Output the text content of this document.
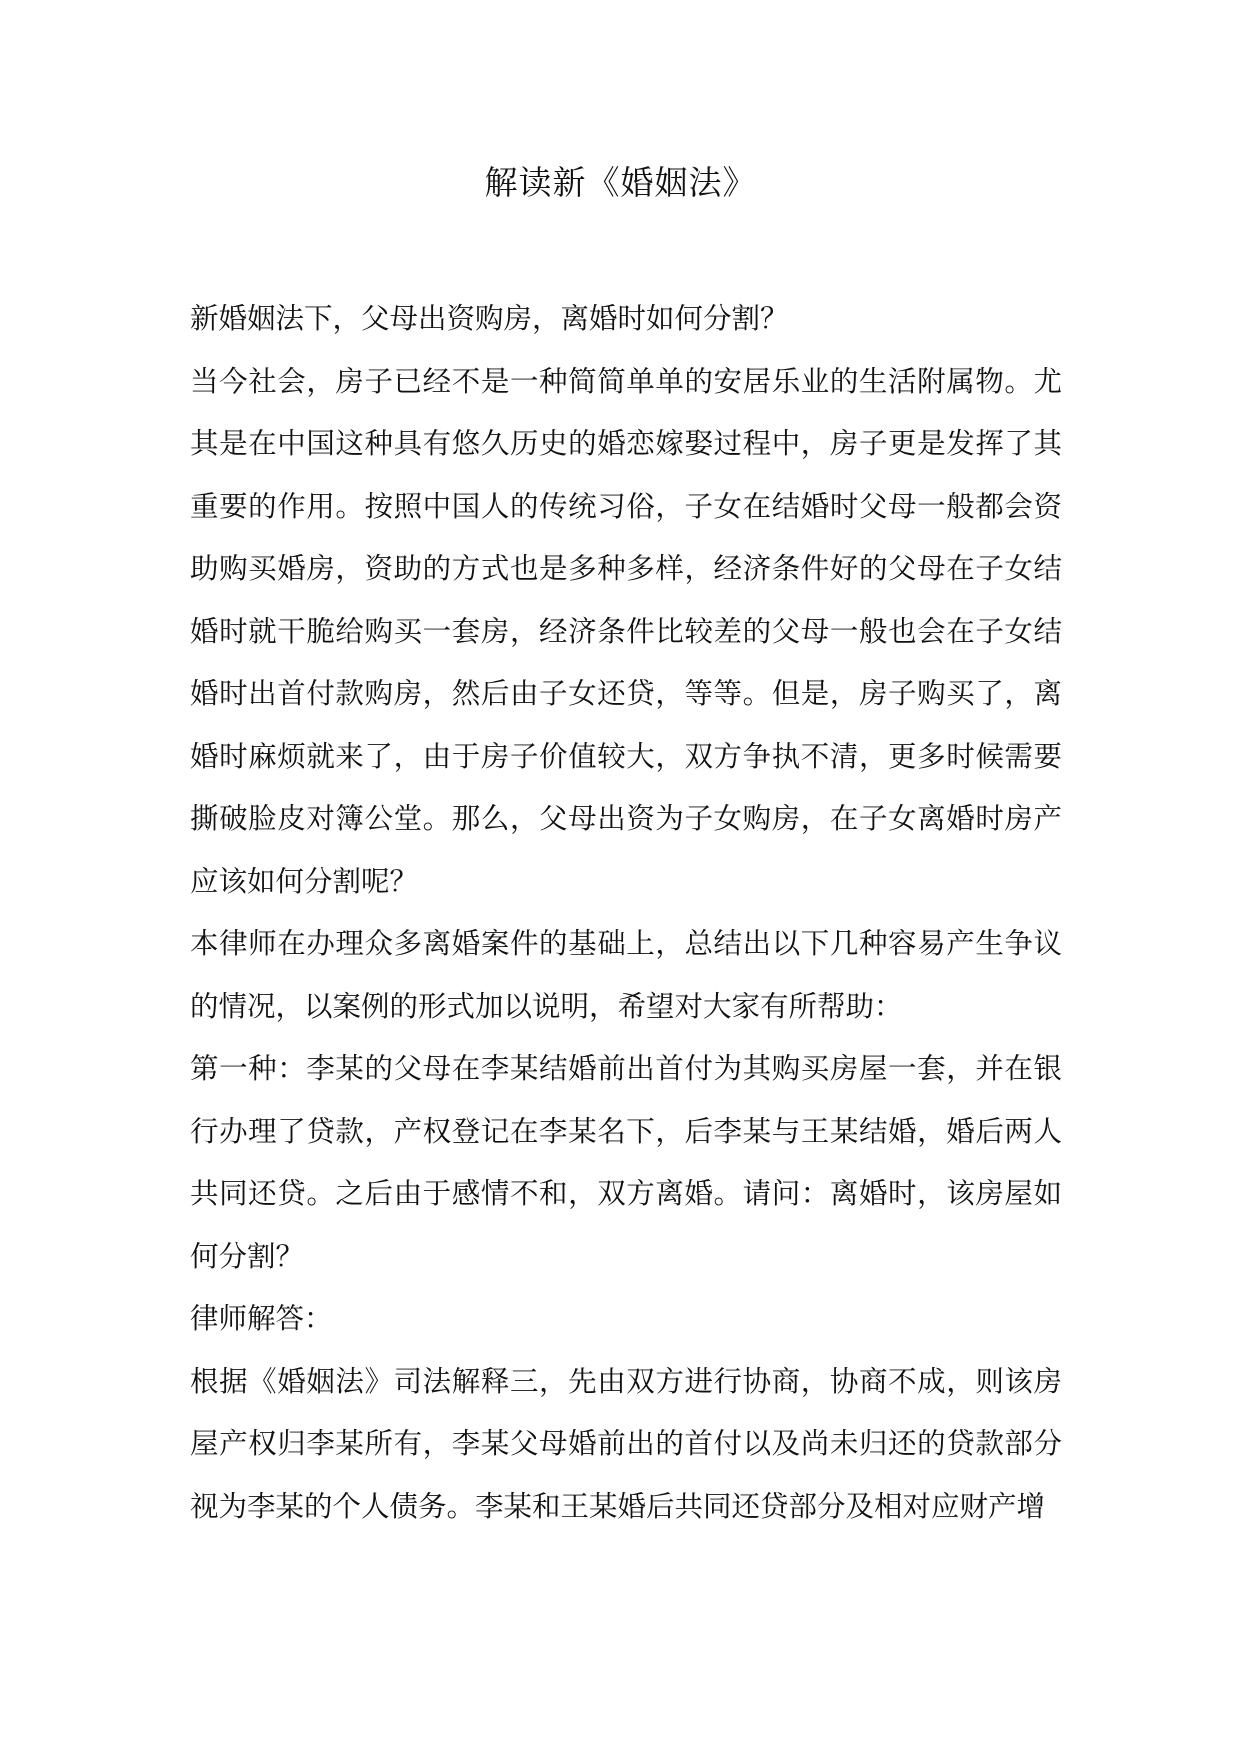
解读新《婚姻法》

新婚姻法下，父母出资购房，离婚时如何分割？

当今社会，房子已经不是一种简简单单的安居乐业的生活附属物。尤其是在中国这种具有悠久历史的婚恋嫁娶过程中，房子更是发挥了其重要的作用。按照中国人的传统习俗，子女在结婚时父母一般都会资助购买婚房，资助的方式也是多种多样，经济条件好的父母在子女结婚时就干脆给购买一套房，经济条件比较差的父母一般也会在子女结婚时出首付款购房，然后由子女还贷，等等。但是，房子购买了，离婚时麻烦就来了，由于房子价值较大，双方争执不清，更多时候需要撕破脸皮对簿公堂。那么，父母出资为子女购房，在子女离婚时房产应该如何分割呢？

本律师在办理众多离婚案件的基础上，总结出以下几种容易产生争议的情况，以案例的形式加以说明，希望对大家有所帮助：

第一种：李某的父母在李某结婚前出首付为其购买房屋一套，并在银行办理了贷款，产权登记在李某名下，后李某与王某结婚，婚后两人共同还贷。之后由于感情不和，双方离婚。请问：离婚时，该房屋如何分割？

律师解答：

根据《婚姻法》司法解释三，先由双方进行协商，协商不成，则该房屋产权归李某所有，李某父母婚前出的首付以及尚未归还的贷款部分视为李某的个人债务。李某和王某婚后共同还贷部分及相对应财产增
